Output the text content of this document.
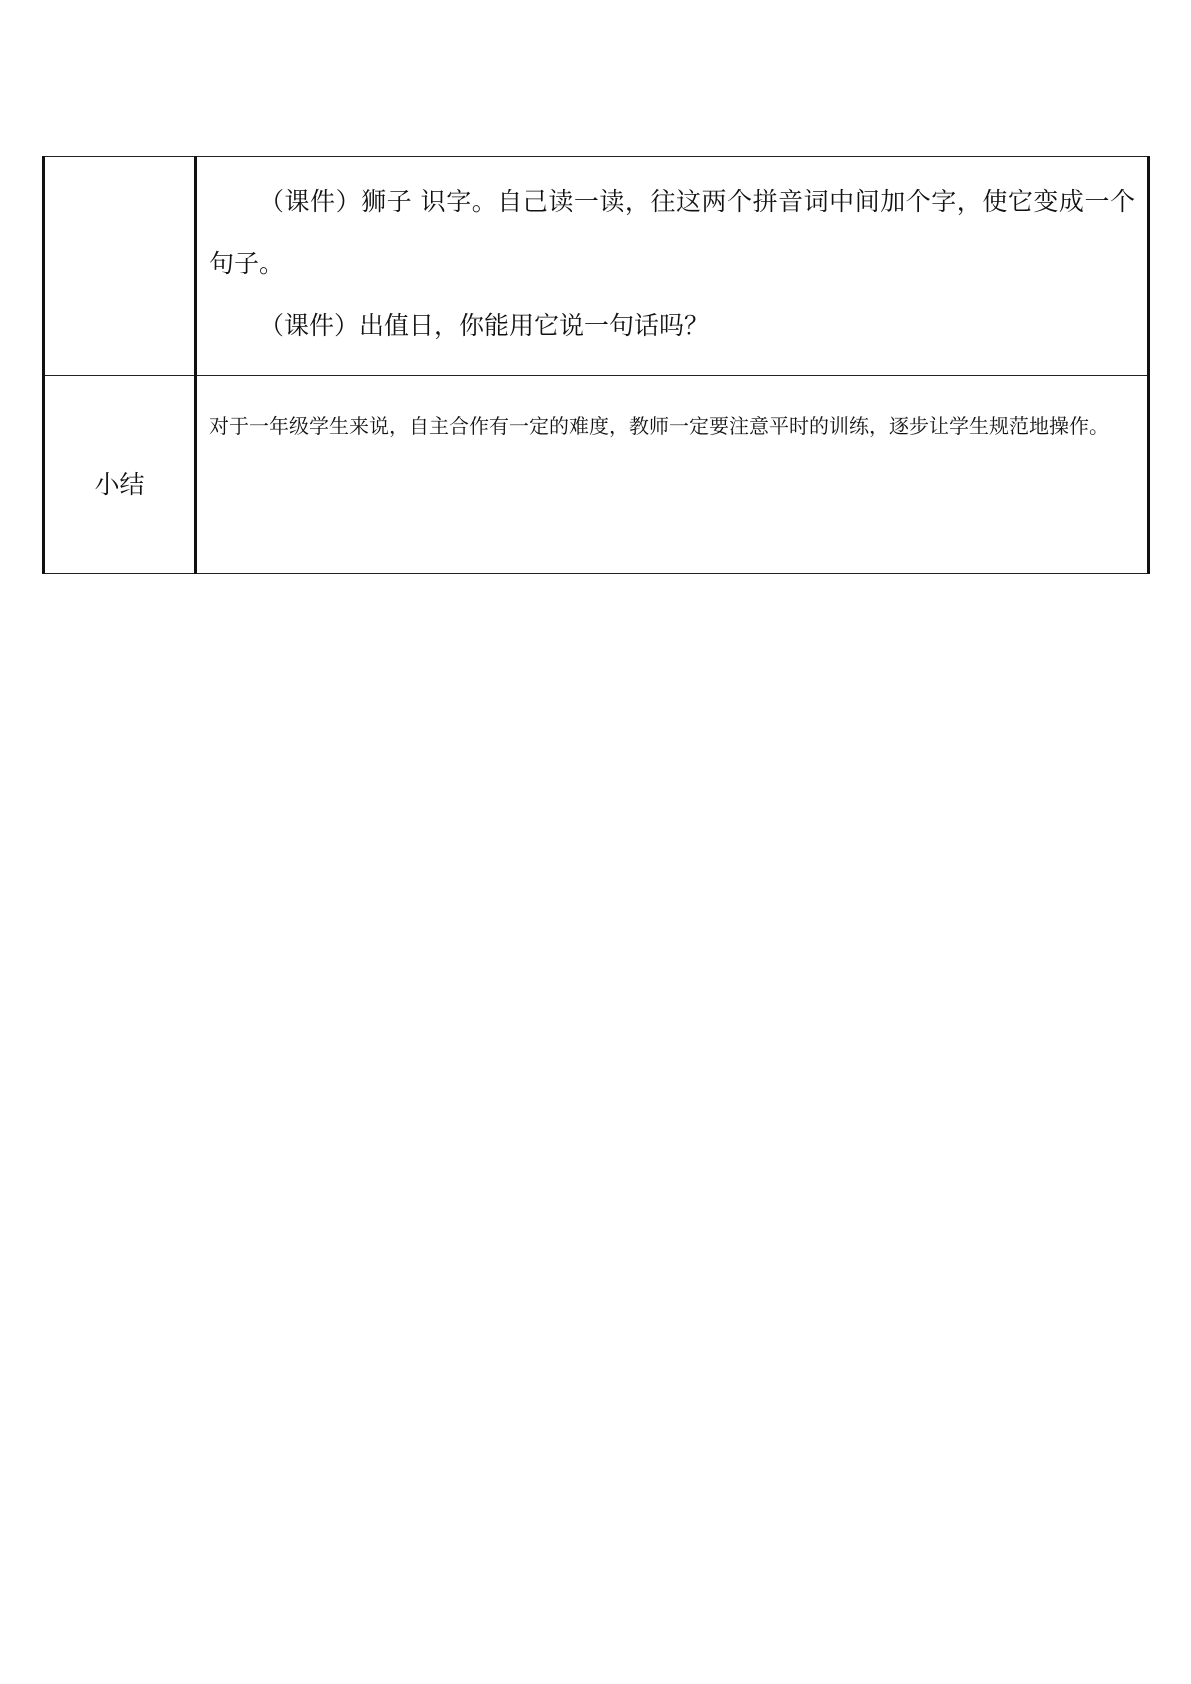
	（课件）狮子 识字。自己读一读，往这两个拼音词中间加个字，使它变成一个句子。

（课件）出值日，你能用它说一句话吗？

小结	对于一年级学生来说，自主合作有一定的难度，教师一定要注意平时的训练，逐步让学生规范地操作。
